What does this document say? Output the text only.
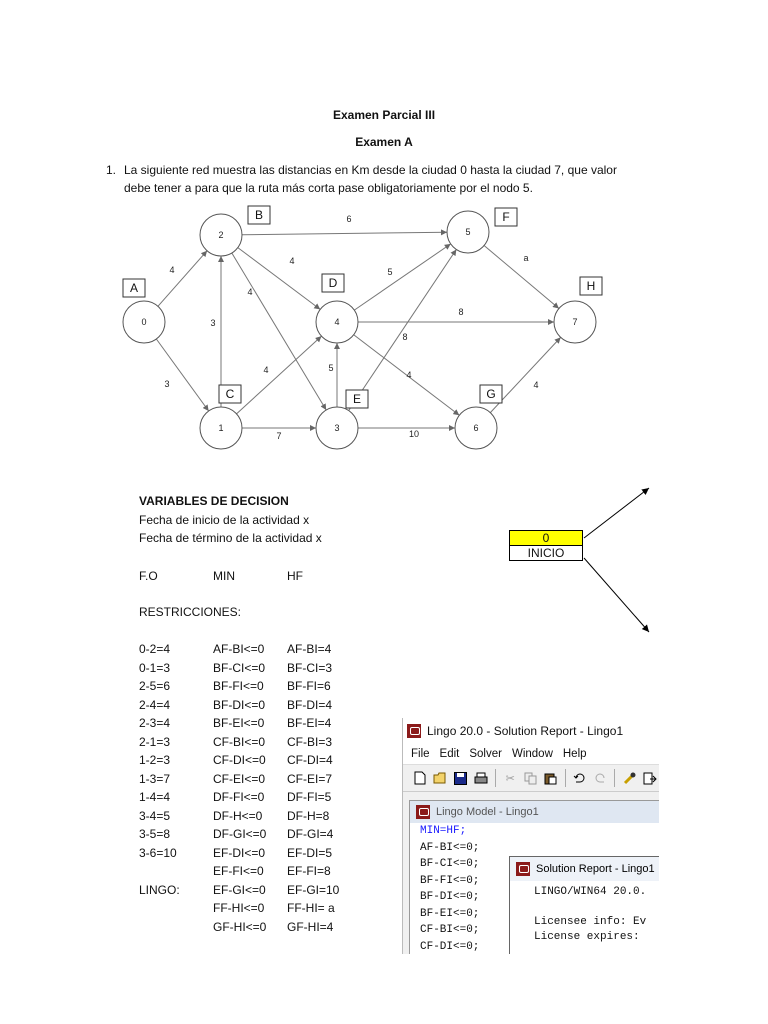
Examen Parcial III
Examen A
1. La siguiente red muestra las distancias en Km desde la ciudad 0 hasta la ciudad 7, que valor debe tener a para que la ruta más corta pase obligatoriamente por el nodo 5.
4
3
6
4
4
3
4
7
5
5
8
10
8
4
a
4
0
1
2
3
4
5
6
7
A
C
B
E
D
F
G
H
VARIABLES DE DECISION
Fecha de inicio de la actividad x
Fecha de término de la actividad x
F.O	MIN	HF
RESTRICCIONES:
0-2=4
0-1=3
2-5=6
2-4=4
2-3=4
2-1=3
1-2=3
1-3=7
1-4=4
3-4=5
3-5=8
3-6=10
LINGO:
AF-BI<=0
BF-CI<=0
BF-FI<=0
BF-DI<=0
BF-EI<=0
CF-BI<=0
CF-DI<=0
CF-EI<=0
DF-FI<=0
DF-H<=0
DF-GI<=0
EF-DI<=0
EF-FI<=0
EF-GI<=0
FF-HI<=0
GF-HI<=0
AF-BI=4
BF-CI=3
BF-FI=6
BF-DI=4
BF-EI=4
CF-BI=3
CF-DI=4
CF-EI=7
DF-FI=5
DF-H=8
DF-GI=4
EF-DI=5
EF-FI=8
EF-GI=10
FF-HI= a
GF-HI=4
0
INICIO
Lingo 20.0 - Solution Report - Lingo1
File Edit Solver Window Help
✂
Lingo Model - Lingo1
MIN=HF;
AF-BI<=0;
BF-CI<=0;
BF-FI<=0;
BF-DI<=0;
BF-EI<=0;
CF-BI<=0;
CF-DI<=0;
Solution Report - Lingo1
LINGO/WIN64 20.0.
Licensee info: Ev
License expires:
